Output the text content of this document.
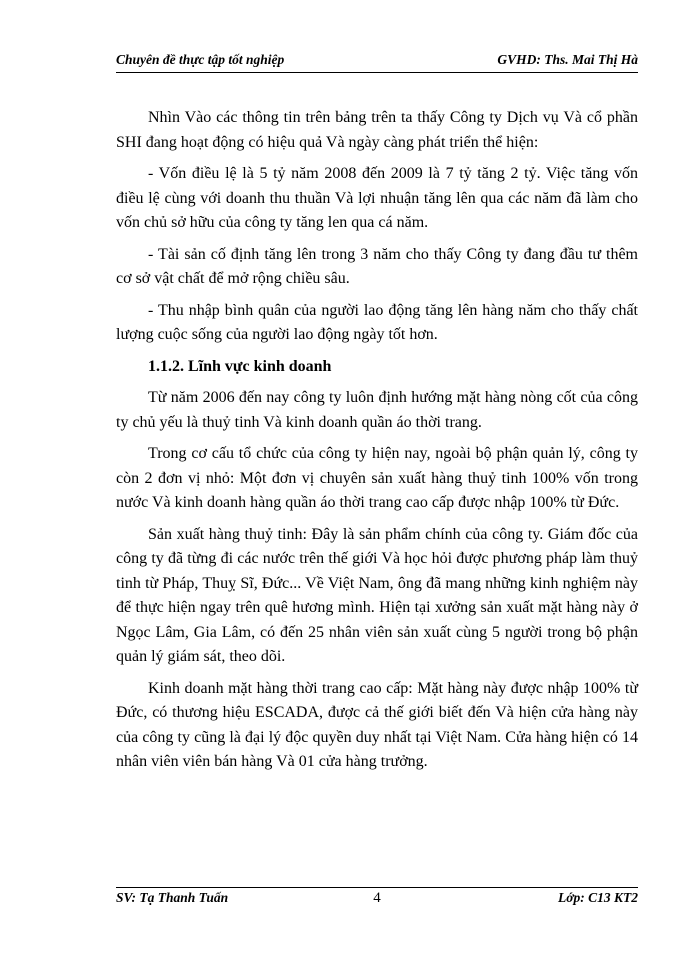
Chuyên đề thực tập tốt nghiệp	GVHD: Ths. Mai Thị Hà

Nhìn Vào các thông tin trên bảng trên ta thấy Công ty Dịch vụ Và cổ phần SHI đang hoạt động có hiệu quả Và ngày càng phát triển thể hiện:

- Vốn điều lệ là 5 tỷ năm 2008 đến 2009 là 7 tỷ tăng 2 tỷ. Việc tăng vốn điều lệ cùng với doanh thu thuần Và lợi nhuận tăng lên qua các năm đã làm cho vốn chủ sở hữu của công ty tăng len qua cá năm.

- Tài sản cố định tăng lên trong 3 năm cho thấy Công ty đang đầu tư thêm cơ sở vật chất để mở rộng chiều sâu.

- Thu nhập bình quân của người lao động tăng lên hàng năm cho thấy chất lượng cuộc sống của người lao động ngày tốt hơn.

1.1.2. Lĩnh vực kinh doanh

Từ năm 2006 đến nay công ty luôn định hướng mặt hàng nòng cốt của công ty chủ yếu là thuỷ tinh Và kinh doanh quần áo thời trang.

Trong cơ cấu tổ chức của công ty hiện nay, ngoài bộ phận quản lý, công ty còn 2 đơn vị nhỏ: Một đơn vị chuyên sản xuất hàng thuỷ tinh 100% vốn trong nước Và kinh doanh hàng quần áo thời trang cao cấp được nhập 100% từ Đức.

Sản xuất hàng thuỷ tinh: Đây là sản phẩm chính của công ty. Giám đốc của công ty đã từng đi các nước trên thế giới Và học hỏi được phương pháp làm thuỷ tinh từ Pháp, Thuỵ Sĩ, Đức... Về Việt Nam, ông đã mang những kinh nghiệm này để thực hiện ngay trên quê hương mình. Hiện tại xưởng sản xuất mặt hàng này ở Ngọc Lâm, Gia Lâm, có đến 25 nhân viên sản xuất cùng 5 người trong bộ phận quản lý giám sát, theo dõi.

Kinh doanh mặt hàng thời trang cao cấp: Mặt hàng này được nhập 100% từ Đức, có thương hiệu ESCADA, được cả thế giới biết đến Và hiện cửa hàng này của công ty cũng là đại lý độc quyền duy nhất tại Việt Nam. Cửa hàng hiện có 14 nhân viên viên bán hàng Và 01 cửa hàng trưởng.

SV: Tạ Thanh Tuấn	4	Lớp: C13 KT2
